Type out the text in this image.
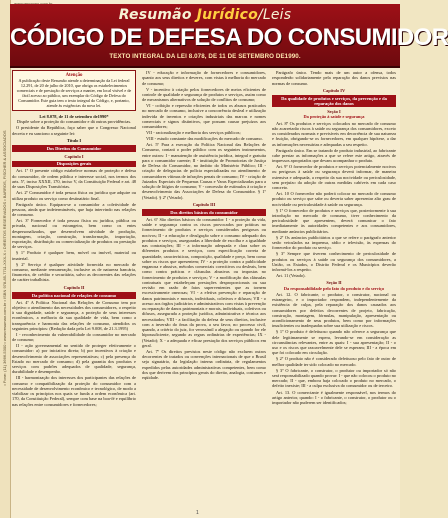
• Fone: (11) 3666-5300 • www.resumao.com.br • ISBN 978-85-7711-XXX-X • DIREITOS RESERVADOS • BARROS, FISCHER & ASSOCIADOS
Resumão Jurídico/Leis
CÓDIGO DE DEFESA DO CONSUMIDOR
TEXTO INTEGRAL DA LEI 8.078, DE 11 DE SETEMBRO DE1990.
Atenção
A publicação deste Resumão atende a determinação da Lei federal 12.291, de 20 de julho de 2010, que obriga os estabelecimentos comerciais e de prestação de serviços a manter, em local visível e de fácil acesso ao público, um exemplar do Código de Defesa do Consumidor. Este guia tem o texto integral do Código, e, portanto, atende às exigências da nova lei.
Lei 8.078, de 11 de setembro de1990*
Dispõe sobre a proteção do consumidor e dá outras providências.

O presidente da República, faço saber que o Congresso Nacional decreta e eu sanciono a seguinte lei:

Título I
Dos Direitos do Consumidor
Capítulo I
Disposições gerais

Art. 1º O presente código estabelece normas de proteção e defesa do consumidor, de ordem pública e interesse social, nos termos dos arts. 5º, inciso XXXII, 170, inciso V, da Constituição Federal e art. 48 de suas Disposições Transitórias.

Art. 2º Consumidor é toda pessoa física ou jurídica que adquire ou utiliza produto ou serviço como destinatário final.

Parágrafo único. Equipara-se a consumidor a coletividade de pessoas, ainda que indetermináveis, que haja intervindo nas relações de consumo.

Art. 3º Fornecedor é toda pessoa física ou jurídica, pública ou privada, nacional ou estrangeira, bem como os entes despersonalizados, que desenvolvem atividade de produção, montagem, criação, construção, transformação, importação, exportação, distribuição ou comercialização de produtos ou prestação de serviços.

§ 1º Produto é qualquer bem, móvel ou imóvel, material ou imaterial.

§ 2º Serviço é qualquer atividade fornecida no mercado de consumo, mediante remuneração, inclusive as de natureza bancária, financeira, de crédito e securitária, salvo as decorrentes das relações de caráter trabalhista.

Capítulo II
Da política nacional de relações de consumo

Art. 4º A Política Nacional das Relações de Consumo tem por objetivo o atendimento das necessidades dos consumidores, o respeito à sua dignidade, saúde e segurança, a proteção de seus interesses econômicos, a melhoria da sua qualidade de vida, bem como a transparência e harmonia das relações de consumo, atendidos os seguintes princípios: (Redação dada pela Lei 9.008, de 21.3.1995)

I - reconhecimento da vulnerabilidade do consumidor no mercado de consumo;

II - ação governamental no sentido de proteger efetivamente o consumidor: a) por iniciativa direta; b) por incentivos à criação e desenvolvimento de associações representativas; c) pela presença do Estado no mercado de consumo; d) pela garantia dos produtos e serviços com padrões adequados de qualidade, segurança, durabilidade e desempenho.

III - harmonização dos interesses dos participantes das relações de consumo e compatibilização da proteção do consumidor com a necessidade de desenvolvimento econômico e tecnológico, de modo a viabilizar os princípios nos quais se funda a ordem econômica (art. 170, da Constituição Federal), sempre com base na boa-fé e equilíbrio nas relações entre consumidores e fornecedores;

IV - educação e informação de fornecedores e consumidores, quanto aos seus direitos e deveres, com vistas à melhoria do mercado de consumo;

V - incentivo à criação pelos fornecedores de meios eficientes de controle de qualidade e segurança de produtos e serviços, assim como de mecanismos alternativos de solução de conflitos de consumo;

VI - coibição e repressão eficientes de todos os abusos praticados no mercado de consumo, inclusive a concorrência desleal e utilização indevida de inventos e criações industriais das marcas e nomes comerciais e signos distintivos, que possam causar prejuízos aos consumidores;

VII - racionalização e melhoria dos serviços públicos;

VIII - estudo constante das modificações do mercado de consumo.

Art. 5º Para a execução da Política Nacional das Relações de Consumo, contará o poder público com os seguintes instrumentos, entre outros: I - manutenção de assistência jurídica, integral e gratuita para o consumidor carente; II - instituição de Promotorias de Justiça de Defesa do Consumidor, no âmbito do Ministério Público; III - criação de delegacias de polícia especializadas no atendimento de consumidores vítimas de infrações penais de consumo; IV - criação de Juizados Especiais de Pequenas Causas e Varas Especializadas para a solução de litígios de consumo; V - concessão de estímulos à criação e desenvolvimento das Associações de Defesa do Consumidor. § 1º (Vetado). § 2º (Vetado).

Capítulo III
Dos direitos básicos do consumidor

Art. 6º São direitos básicos do consumidor: I - a proteção da vida, saúde e segurança contra os riscos provocados por práticas no fornecimento de produtos e serviços considerados perigosos ou nocivos; II - a educação e divulgação sobre o consumo adequado dos produtos e serviços, asseguradas a liberdade de escolha e a igualdade nas contratações; III - a informação adequada e clara sobre os diferentes produtos e serviços, com especificação correta de quantidade, características, composição, qualidade e preço, bem como sobre os riscos que apresentem; IV - a proteção contra a publicidade enganosa e abusiva, métodos comerciais coercitivos ou desleais, bem como contra práticas e cláusulas abusivas ou impostas no fornecimento de produtos e serviços; V - a modificação das cláusulas contratuais que estabeleçam prestações desproporcionais ou sua revisão em razão de fatos supervenientes que as tornem excessivamente onerosas; VI - a efetiva prevenção e reparação de danos patrimoniais e morais, individuais, coletivos e difusos; VII - o acesso aos órgãos judiciários e administrativos com vistas à prevenção ou reparação de danos patrimoniais e morais, individuais, coletivos ou difusos, assegurada a proteção jurídica, administrativa e técnica aos necessitados; VIII - a facilitação da defesa de seus direitos, inclusive com a inversão do ônus da prova, a seu favor, no processo civil, quando, a critério do juiz, for verossímil a alegação ou quando for ele hipossuficiente, segundo as regras ordinárias de experiências; IX - (Vetado); X - a adequada e eficaz prestação dos serviços públicos em geral.

Art. 7º Os direitos previstos neste código não excluem outros decorrentes de tratados ou convenções internacionais de que o Brasil seja signatário, da legislação interna ordinária, de regulamentos expedidos pelas autoridades administrativas competentes, bem como dos que derivem dos princípios gerais do direito, analogia, costumes e eqüidade.

Parágrafo único. Tendo mais de um autor a ofensa, todos responderão solidariamente pela reparação dos danos previstos nas normas de consumo.

Capítulo IV
Da qualidade de produtos e serviços, da prevenção e da reparação dos danos
Seção I
Da proteção à saúde e segurança

Art. 8º Os produtos e serviços colocados no mercado de consumo não acarretarão riscos à saúde ou segurança dos consumidores, exceto os considerados normais e previsíveis em decorrência de sua natureza e fruição, obrigando-se os fornecedores, em qualquer hipótese, a dar as informações necessárias e adequadas a seu respeito.

Parágrafo único. Em se tratando de produto industrial, ao fabricante cabe prestar as informações a que se refere este artigo, através de impressos apropriados que devam acompanhar o produto.

Art. 9º O fornecedor de produtos e serviços potencialmente nocivos ou perigosos à saúde ou segurança deverá informar, de maneira ostensiva e adequada, a respeito da sua nocividade ou periculosidade, sem prejuízo da adoção de outras medidas cabíveis em cada caso concreto.

Art. 10 O fornecedor não poderá colocar no mercado de consumo produto ou serviço que sabe ou deveria saber apresentar alto grau de nocividade ou periculosidade à saúde ou segurança.

§ 1º O fornecedor de produtos e serviços que, posteriormente à sua introdução no mercado de consumo, tiver conhecimento da periculosidade que apresentem, deverá comunicar o fato imediatamente às autoridades competentes e aos consumidores, mediante anúncios publicitários.

§ 2º Os anúncios publicitários a que se refere o parágrafo anterior serão veiculados na imprensa, rádio e televisão, às expensas do fornecedor do produto ou serviço.

§ 3º Sempre que tiverem conhecimento de periculosidade de produtos ou serviços à saúde ou segurança dos consumidores, a União, os Estados, o Distrito Federal e os Municípios deverão informá-los a respeito.

Art. 11 (Vetado).

Seção II
Da responsabilidade pelo fato do produto e do serviço

Art. 12. O fabricante, o produtor, o construtor, nacional ou estrangeiro, e o importador respondem, independentemente da existência de culpa, pela reparação dos danos causados aos consumidores por defeitos decorrentes de projeto, fabricação, construção, montagem, fórmulas, manipulação, apresentação ou acondicionamento de seus produtos, bem como por informações insuficientes ou inadequadas sobre sua utilização e riscos.

§ 1º O produto é defeituoso quando não oferece a segurança que dele legitimamente se espera, levando-se em consideração as circunstâncias relevantes, entre as quais: I - sua apresentação; II - o uso e os riscos que razoavelmente dele se esperam; III - a época em que foi colocado em circulação.

§ 2º O produto não é considerado defeituoso pelo fato de outro de melhor qualidade ter sido colocado no mercado.

§ 3º O fabricante, o construtor, o produtor ou importador só não será responsabilizado quando provar: I - que não colocou o produto no mercado; II - que, embora haja colocado o produto no mercado, o defeito inexiste; III - a culpa exclusiva do consumidor ou de terceiro.

Art. 13. O comerciante é igualmente responsável, nos termos do artigo anterior, quando: I - o fabricante, o construtor, o produtor ou o importador não puderem ser identificados;

1
